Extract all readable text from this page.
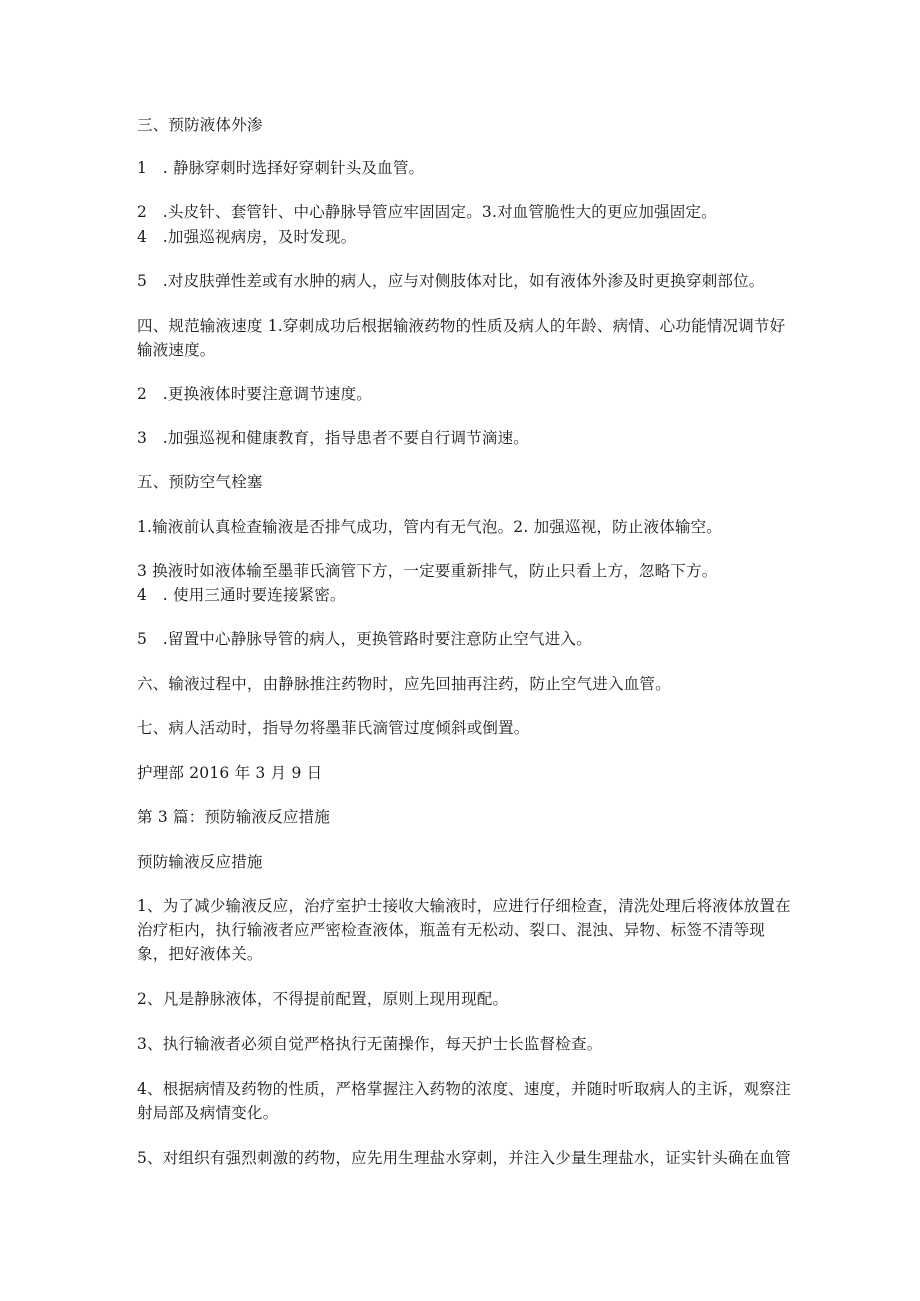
三、预防液体外渗
1　. 静脉穿刺时选择好穿刺针头及血管。
2　.头皮针、套管针、中心静脉导管应牢固固定。3.对血管脆性大的更应加强固定。
4　.加强巡视病房，及时发现。
5　.对皮肤弹性差或有水肿的病人，应与对侧肢体对比，如有液体外渗及时更换穿刺部位。
四、规范输液速度 1.穿刺成功后根据输液药物的性质及病人的年龄、病情、心功能情况调节好
输液速度。
2　.更换液体时要注意调节速度。
3　.加强巡视和健康教育，指导患者不要自行调节滴速。
五、预防空气栓塞
1.输液前认真检查输液是否排气成功，管内有无气泡。2. 加强巡视，防止液体输空。
3 换液时如液体输至墨菲氏滴管下方，一定要重新排气，防止只看上方，忽略下方。
4　. 使用三通时要连接紧密。
5　.留置中心静脉导管的病人，更换管路时要注意防止空气进入。
六、输液过程中，由静脉推注药物时，应先回抽再注药，防止空气进入血管。
七、病人活动时，指导勿将墨菲氏滴管过度倾斜或倒置。
护理部 2016 年 3 月 9 日
第 3 篇：预防输液反应措施
预防输液反应措施
1、为了减少输液反应，治疗室护士接收大输液时，应进行仔细检查，清洗处理后将液体放置在
治疗柜内，执行输液者应严密检查液体，瓶盖有无松动、裂口、混浊、异物、标签不清等现
象，把好液体关。
2、凡是静脉液体，不得提前配置，原则上现用现配。
3、执行输液者必须自觉严格执行无菌操作，每天护士长监督检查。
4、根据病情及药物的性质，严格掌握注入药物的浓度、速度，并随时听取病人的主诉，观察注
射局部及病情变化。
5、对组织有强烈刺激的药物，应先用生理盐水穿刺，并注入少量生理盐水，证实针头确在血管
